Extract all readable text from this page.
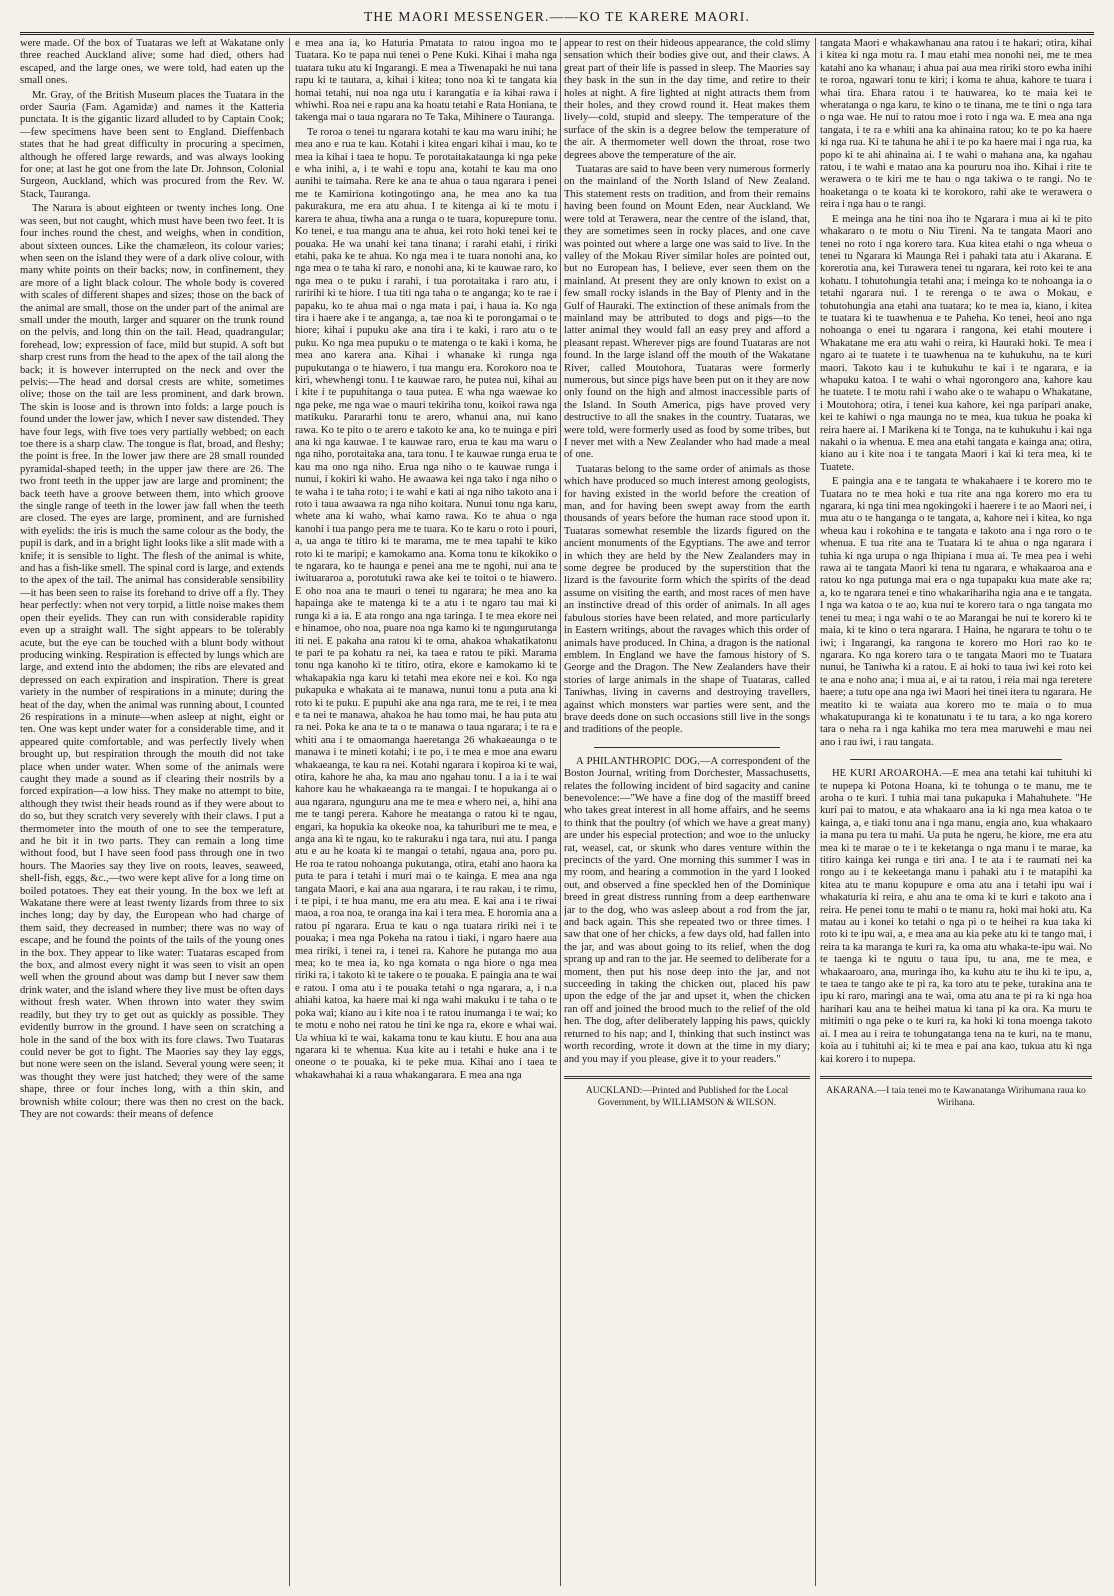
THE MAORI MESSENGER.——KO TE KARERE MAORI.

were made. Of the box of Tuataras we left at Wakatane only three reached Auckland alive; some had died, others had escaped, and the large ones, we were told, had eaten up the small ones.

Mr. Gray, of the British Museum places the Tuatara in the order Sauria (Fam. Agamidæ) and names it the Katteria punctata. It is the gigantic lizard alluded to by Captain Cook;—few specimens have been sent to England. Dieffenbach states that he had great difficulty in procuring a specimen, although he offered large rewards, and was always looking for one; at last he got one from the late Dr. Johnson, Colonial Surgeon, Auckland, which was procured from the Rev. W. Stack, Tauranga.

The Narara is about eighteen or twenty inches long. One was seen, but not caught, which must have been two feet. It is four inches round the chest, and weighs, when in condition, about sixteen ounces. Like the chamæleon, its colour varies; when seen on the island they were of a dark olive colour, with many white points on their backs; now, in confinement, they are more of a light black colour. The whole body is covered with scales of different shapes and sizes; those on the back of the animal are small, those on the under part of the animal are small under the mouth, larger and squarer on the trunk round on the pelvis, and long thin on the tail. Head, quadrangular; forehead, low; expression of face, mild but stupid. A soft but sharp crest runs from the head to the apex of the tail along the back; it is however interrupted on the neck and over the pelvis:—The head and dorsal crests are white, sometimes olive; those on the tail are less prominent, and dark brown. The skin is loose and is thrown into folds: a large pouch is found under the lower jaw, which I never saw distended. They have four legs, with five toes very partially webbed; on each toe there is a sharp claw. The tongue is flat, broad, and fleshy; the point is free. In the lower jaw there are 28 small rounded pyramidal-shaped teeth; in the upper jaw there are 26. The two front teeth in the upper jaw are large and prominent; the back teeth have a groove between them, into which groove the single range of teeth in the lower jaw fall when the teeth are closed. The eyes are large, prominent, and are furnished with eyelids: the iris is much the same colour as the body, the pupil is dark, and in a bright light looks like a slit made with a knife; it is sensible to light. The flesh of the animal is white, and has a fish-like smell. The spinal cord is large, and extends to the apex of the tail. The animal has considerable sensibility—it has been seen to raise its forehand to drive off a fly. They hear perfectly: when not very torpid, a little noise makes them open their eyelids. They can run with considerable rapidity even up a straight wall. The sight appears to be tolerably acute, but the eye can be touched with a blunt body without producing winking. Respiration is effected by lungs which are large, and extend into the abdomen; the ribs are elevated and depressed on each expiration and inspiration. There is great variety in the number of respirations in a minute; during the heat of the day, when the animal was running about, I counted 26 respirations in a minute—when asleep at night, eight or ten. One was kept under water for a considerable time, and it appeared quite comfortable, and was perfectly lively when brought up, but respiration through the mouth did not take place when under water. When some of the animals were caught they made a sound as if clearing their nostrils by a forced expiration—a low hiss. They make no attempt to bite, although they twist their heads round as if they were about to do so, but they scratch very severely with their claws. I put a thermometer into the mouth of one to see the temperature, and he bit it in two parts. They can remain a long time without food, but I have seen food pass through one in two hours. The Maories say they live on roots, leaves, seaweed, shell-fish, eggs, &c.,—two were kept alive for a long time on boiled potatoes. They eat their young. In the box we left at Wakatane there were at least twenty lizards from three to six inches long; day by day, the European who had charge of them said, they decreased in number; there was no way of escape, and he found the points of the tails of the young ones in the box. They appear to like water: Tuataras escaped from the box, and almost every night it was seen to visit an open well when the ground about was damp but I never saw them drink water, and the island where they live must be often days without fresh water. When thrown into water they swim readily, but they try to get out as quickly as possible. They evidently burrow in the ground. I have seen on scratching a hole in the sand of the box with its fore claws. Two Tuataras could never be got to fight. The Maories say they lay eggs, but none were seen on the island. Several young were seen; it was thought they were just hatched; they were of the same shape, three or four inches long, with a thin skin, and brownish white colour; there was then no crest on the back. They are not cowards: their means of defence

e mea ana ia, ko Haturia Pmatata to ratou ingoa mo te Tuatara. Ko te papa nui tenei o Pene Kuki. Kihai i maha nga tuatara tuku atu ki Ingarangi. E mea a Tiwenapaki he nui tana rapu ki te tautara, a, kihai i kitea; tono noa ki te tangata kia homai tetahi, nui noa nga utu i karangatia e ia kihai rawa i whiwhi. Roa nei e rapu ana ka hoatu tetahi e Rata Honiana, te takenga mai o taua ngarara no Te Taka, Mihinere o Tauranga.

Te roroa o tenei tu ngarara kotahi te kau ma waru inihi; he mea ano e rua te kau. Kotahi i kitea engari kihai i mau, ko te mea ia kihai i taea te hopu. Te porotaitakataunga ki nga peke e wha inihi, a, i te wahi e topu ana, kotahi te kau ma ono aunihi te taimaha. Rere ke ana te ahua o taua ngarara i penei me te Kamiriona kotingotingo ana, he mea ano ka tua pakurakura, me era atu ahua. I te kitenga ai ki te motu i karera te ahua, tiwha ana a runga o te tuara, kopurepure tonu. Ko tenei, e tua mangu ana te ahua, kei roto hoki tenei kei te pouaka. He wa unahi kei tana tinana; i rarahi etahi, i ririki etahi, paka ke te ahua. Ko nga mea i te tuara nonohi ana, ko nga mea o te taha ki raro, e nonohi ana, ki te kauwae raro, ko nga mea o te puku i rarahi, i tua porotaitaka i raro atu, i raririhi ki te hiore. I tua titi nga taha o te anganga; ko te rae i papaku, ko te ahua mai o nga mata i pai, i haua ia. Ko nga tira i haere ake i te anganga, a, tae noa ki te porongamai o te hiore; kihai i pupuku ake ana tira i te kaki, i raro atu o te puku. Ko nga mea pupuku o te matenga o te kaki i koma, he mea ano karera ana. Kihai i whanake ki runga nga pupukutanga o te hiawero, i tua mangu era. Korokoro noa te kiri, whewhengi tonu. I te kauwae raro, he putea nui, kihai au i kite i te pupuhitanga o taua putea. E wha nga waewae ko nga peke, me nga wae o mauri tekiriha tonu, koikoi rawa nga matikuku. Parararhi tonu te arero, whanui ana, nui kano rawa. Ko te pito o te arero e takoto ke ana, ko te nuinga e piri ana ki nga kauwae. I te kauwae raro, erua te kau ma waru o nga niho, porotaitaka ana, tara tonu. I te kauwae runga erua te kau ma ono nga niho. Erua nga niho o te kauwae runga i nunui, i kokiri ki waho. He awaawa kei nga tako i nga niho o te waha i te taha roto; i te wahi e kati ai nga niho takoto ana i roto i taua awaawa ra nga niho koitara. Nunui tonu nga karu, whete ana ki waho, whai kamo rawa. Ko te ahua o nga kanohi i tua pango pera me te tuara. Ko te karu o roto i pouri, a, ua anga te titiro ki te marama, me te mea tapahi te kiko roto ki te maripi; e kamokamo ana. Koma tonu te kikokiko o te ngarara, ko te haunga e penei ana me te ngohi, nui ana te iwituararoa a, porotutuki rawa ake kei te toitoi o te hiawero. E oho noa ana te mauri o tenei tu ngarara; he mea ano ka hapainga ake te matenga ki te a atu i te ngaro tau mai ki runga ki a ia. E ata rongo ana nga taringa. I te mea ekore nei e hinamoe, oho noa, puare noa nga kamo ki te ngungurutanga iti nei. E pakaha ana ratou ki te oma, ahakoa whakatikatonu te pari te pa kohatu ra nei, ka taea e ratou te piki. Marama tonu nga kanoho ki te titiro, otira, ekore e kamokamo ki te whakapakia nga karu ki tetahi mea ekore nei e koi. Ko nga pukapuka e whakata ai te manawa, nunui tonu a puta ana ki roto ki te puku. E pupuhi ake ana nga rara, me te rei, i te mea e ta nei te manawa, ahakoa he hau tomo mai, he hau puta atu ra nei. Poka ke ana te ta o te manawa o taua ngarara; i te ra e whiti ana i te omaomanga haeretanga 26 whakaeaunga o te manawa i te mineti kotahi; i te po, i te mea e moe ana ewaru whakaeanga, te kau ra nei. Kotahi ngarara i kopiroa ki te wai, otira, kahore he aha, ka mau ano ngahau tonu. I a ia i te wai kahore kau he whakaeanga ra te mangai. I te hopukanga ai o aua ngarara, ngunguru ana me te mea e whero nei, a, hihi ana me te tangi perera. Kahore he meatanga o ratou ki te ngau, engari, ka hopukia ka okeoke noa, ka tahuriburi me te mea, e anga ana ki te ngau, ko te rakuraku i nga tara, nui atu. I panga atu e au he koata ki te mangai o tetahi, ngaua ana, poro pu. He roa te ratou nohoanga pukutanga, otira, etahi ano haora ka puta te para i tetahi i muri mai o te kainga. E mea ana nga tangata Maori, e kai ana aua ngarara, i te rau rakau, i te rimu, i te pipi, i te hua manu, me era atu mea. E kai ana i te riwai maoa, a roa noa, te oranga ina kai i tera mea. E horomia ana a ratou pi ngarara. Erua te kau o nga tuatara ririki nei i te pouaka; i mea nga Pokeha na ratou i tiaki, i ngaro haere aua mea ririki, i tenei ra, i tenei ra. Kahore he putanga mo aua mea; ko te mea ia, ko nga komata o nga hiore o nga mea ririki ra, i takoto ki te takere o te pouaka. E paingia ana te wai e ratou. I oma atu i te pouaka tetahi o nga ngarara, a, i n.a ahiahi katoa, ka haere mai ki nga wahi makuku i te taha o te poka wai; kiano au i kite noa i te ratou inumanga i te wai; ko te motu e noho nei ratou he tini ke nga ra, ekore e whai wai. Ua whiua ki te wai, kakama tonu te kau kiutu. E hou ana aua ngarara ki te whenua. Kua kite au i tetahi e huke ana i te oneone o te pouaka, ki te peke mua. Kihai ano i taea te whakawhahai ki a raua whakangarara. E mea ana nga

appear to rest on their hideous appearance, the cold slimy sensation which their bodies give out, and their claws. A great part of their life is passed in sleep. The Maories say they bask in the sun in the day time, and retire to their holes at night. A fire lighted at night attracts them from their holes, and they crowd round it. Heat makes them lively—cold, stupid and sleepy. The temperature of the surface of the skin is a degree below the temperature of the air. A thermometer well down the throat, rose two degrees above the temperature of the air.

Tuataras are said to have been very numerous formerly on the mainland of the North Island of New Zealand. This statement rests on tradition, and from their remains having been found on Mount Eden, near Auckland. We were told at Terawera, near the centre of the island, that, they are sometimes seen in rocky places, and one cave was pointed out where a large one was said to live. In the valley of the Mokau River similar holes are pointed out, but no European has, I believe, ever seen them on the mainland. At present they are only known to exist on a few small rocky islands in the Bay of Plenty and in the Gulf of Hauraki. The extinction of these animals from the mainland may be attributed to dogs and pigs—to the latter animal they would fall an easy prey and afford a pleasant repast. Wherever pigs are found Tuataras are not found. In the large island off the mouth of the Wakatane River, called Moutohora, Tuataras were formerly numerous, but since pigs have been put on it they are now only found on the high and almost inaccessible parts of the Island. In South America, pigs have proved very destructive to all the snakes in the country. Tuataras, we were told, were formerly used as food by some tribes, but I never met with a New Zealander who had made a meal of one.

Tuataras belong to the same order of animals as those which have produced so much interest among geologists, for having existed in the world before the creation of man, and for having been swept away from the earth thousands of years before the human race stood upon it. Tuataras somewhat resemble the lizards figured on the ancient monuments of the Egyptians. The awe and terror in which they are held by the New Zealanders may in some degree be produced by the superstition that the lizard is the favourite form which the spirits of the dead assume on visiting the earth, and most races of men have an instinctive dread of this order of animals. In all ages fabulous stories have been related, and more particularly in Eastern writings, about the ravages which this order of animals have produced. In China, a dragon is the national emblem. In England we have the famous history of S. George and the Dragon. The New Zealanders have their stories of large animals in the shape of Tuataras, called Taniwhas, living in caverns and destroying travellers, against which monsters war parties were sent, and the brave deeds done on such occasions still live in the songs and traditions of the people.

A PHILANTHROPIC DOG.—A correspondent of the Boston Journal, writing from Dorchester, Massachusetts, relates the following incident of bird sagacity and canine benevolence:—"We have a fine dog of the mastiff breed who takes great interest in all home affairs, and he seems to think that the poultry (of which we have a great many) are under his especial protection; and woe to the unlucky rat, weasel, cat, or skunk who dares venture within the precincts of the yard. One morning this summer I was in my room, and hearing a commotion in the yard I looked out, and observed a fine speckled hen of the Dominique breed in great distress running from a deep earthenware jar to the dog, who was asleep about a rod from the jar, and back again. This she repeated two or three times. I saw that one of her chicks, a few days old, had fallen into the jar, and was about going to its relief, when the dog sprang up and ran to the jar. He seemed to deliberate for a moment, then put his nose deep into the jar, and not succeeding in taking the chicken out, placed his paw upon the edge of the jar and upset it, when the chicken ran off and joined the brood much to the relief of the old hen. The dog, after deliberately lapping his paws, quickly returned to his nap; and I, thinking that such instinct was worth recording, wrote it down at the time in my diary; and you may if you please, give it to your readers."

AUCKLAND:—Printed and Published for the Local Government, by WILLIAMSON & WILSON.

tangata Maori e whakawhanau ana ratou i te hakari; otira, kihai i kitea ki nga motu ra. I mau etahi mea nonohi nei, me te mea katahi ano ka whanau; i ahua pai aua mea ririki storo ewha inihi te roroa, ngawari tonu te kiri; i koma te ahua, kahore te tuara i whai tira. Ehara ratou i te hauwarea, ko te maia kei te wheratanga o nga karu, te kino o te tinana, me te tini o nga tara o nga wae. He nui to ratou moe i roto i nga wa. E mea ana nga tangata, i te ra e whiti ana ka ahinaina ratou; ko te po ka haere ki nga rua. Ki te tahuna he ahi i te po ka haere mai i nga rua, ka popo ki te ahi ahinaina ai. I te wahi o mahana ana, ka ngahau ratou, i te wahi e matao ana ka poururu noa iho. Kihai i rite te werawera o te kiri me te hau o nga takiwa o te rangi. No te hoaketanga o te koata ki te korokoro, rahi ake te werawera o reira i nga hau o te rangi.

E meinga ana he tini noa iho te Ngarara i mua ai ki te pito whakararo o te motu o Niu Tireni. Na te tangata Maori ano tenei no roto i nga korero tara. Kua kitea etahi o nga wheua o tenei tu Ngarara ki Maunga Rei i pahaki tata atu i Akarana. E korerotia ana, kei Turawera tenei tu ngarara, kei roto kei te ana kohatu. I tohutohungia tetahi ana; i meinga ko te nohoanga ia o tetahi ngarara nui. I te rerenga o te awa o Mokau, e tohutohungia ana etahi ana tuatara; ko te mea ia, kiano, i kitea te tuatara ki te tuawhenua e te Paheha. Ko tenei, heoi ano nga nohoanga o enei tu ngarara i rangona, kei etahi moutere i Whakatane me era atu wahi o reira, ki Hauraki hoki. Te mea i ngaro ai te tuatete i te tuawhenua na te kuhukuhu, na te kuri maori. Takoto kau i te kuhukuhu te kai i te ngarara, e ia whapuku katoa. I te wahi o whai ngorongoro ana, kahore kau he tuatete. I te motu rahi i waho ake o te wahapu o Whakatane, i Moutohora; otira, i tenei kua kahore, kei nga paripari anake, kei te kahiwi o nga maunga no te mea, kua tukua he poaka ki reira haere ai. I Marikena ki te Tonga, na te kuhukuhu i kai nga nakahi o ia whenua. E mea ana etahi tangata e kainga ana; otira, kiano au i kite noa i te tangata Maori i kai ki tera mea, ki te Tuatete.

E paingia ana e te tangata te whakahaere i te korero mo te Tuatara no te mea hoki e tua rite ana nga korero mo era tu ngarara, ki nga tini mea ngokingoki i haerere i te ao Maori nei, i mua atu o te hanganga o te tangata, a, kahore nei i kitea, ko nga wheua kau i rokohina e te tangata e takoto ana i nga roro o te whenua. E tua rite ana te Tuatara ki te ahua o nga ngarara i tuhia ki nga urupa o nga Ihipiana i mua ai. Te mea pea i wehi rawa ai te tangata Maori ki tena tu ngarara, e whakaaroa ana e ratou ko nga putunga mai era o nga tupapaku kua mate ake ra; a, ko te ngarara tenei e tino whakarihariha ngia ana e te tangata. I nga wa katoa o te ao, kua nui te korero tara o nga tangata mo tenei tu mea; i nga wahi o te ao Marangai he nui te korero ki te maia, ki te kino o tera ngarara. I Haina, he ngarara te tohu o te iwi; i Ingarangi, ka rangona te korero mo Hori rao ko te ngarara. Ko nga korero tara o te tangata Maori mo te Tuatara nunui, he Taniwha ki a ratou. E ai hoki to taua iwi kei roto kei te ana e noho ana; i mua ai, e ai ta ratou, i reia mai nga teretere haere; a tutu ope ana nga iwi Maori hei tinei itera tu ngarara. He meatito ki te waiata aua korero mo te maia o to mua whakatupuranga ki te konatunatu i te tu tara, a ko nga korero tara o neha ra i nga kahika mo tera mea maruwehi e mau nei ano i rau iwi, i rau tangata.

HE KURI AROAROHA.—E mea ana tetahi kai tuhituhi ki te nupepa ki Potona Hoana, ki te tohunga o te manu, me te aroha o te kuri. I tuhia mai tana pukapuka i Mahahuhete. "He kuri pai to matou, e ata whakaaro ana ia ki nga mea katoa o te kainga, a, e tiaki tonu ana i nga manu, engia ano, kua whakaaro ia mana pu tera tu mahi. Ua puta he ngeru, he kiore, me era atu mea ki te marae o te i te keketanga o nga manu i te marae, ka titiro kainga kei runga e tiri ana. I te ata i te raumati nei ka rongo au i te kekeetanga manu i pahaki atu i te matapihi ka kitea atu te manu kopupure e oma atu ana i tetahi ipu wai i whakaturia ki reira, e ahu ana te oma ki te kuri e takoto ana i reira. He penei tonu te mahi o te manu ra, hoki mai hoki atu. Ka matau au i konei ko tetahi o nga pi o te heihei ra kua taka ki roto ki te ipu wai, a, e mea ana au kia peke atu ki te tango mai, i reira ta ka maranga te kuri ra, ka oma atu whaka-te-ipu wai. No te taenga ki te ngutu o taua ipu, tu ana, me te mea, e whakaaroaro, ana, muringa iho, ka kuhu atu te ihu ki te ipu, a, te taea te tango ake te pi ra, ka toro atu te peke, turakina ana te ipu ki raro, maringi ana te wai, oma atu ana te pi ra ki nga hoa harihari kau ana te heihei matua ki tana pi ka ora. Ka muru te mitimiti o nga peke o te kuri ra, ka hoki ki tona moenga takoto ai. I mea au i reira te tohungatanga tena na te kuri, na te manu, koia au i tuhituhi ai; ki te mea e pai ana kao, tukua atu ki nga kai korero i to nupepa.

AKARANA.—I taia tenei mo te Kawanatanga Wirihumana raua ko Wirihana.
